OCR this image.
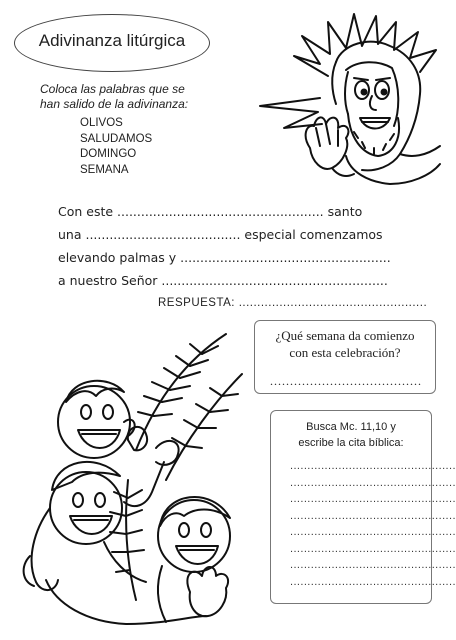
Adivinanza litúrgica
Coloca las palabras que se
han salido de la adivinanza:
OLIVOS
SALUDAMOS
DOMINGO
SEMANA
Con este .................................................... santo
una ....................................... especial comenzamos
elevando palmas y .....................................................
a nuestro Señor .........................................................
RESPUESTA: ...................................................
¿Qué semana da comienzo
con esta celebración?
......................................
Busca Mc. 11,10 y
escribe la cita bíblica:
................................................
................................................
................................................
................................................
................................................
................................................
................................................
................................................
